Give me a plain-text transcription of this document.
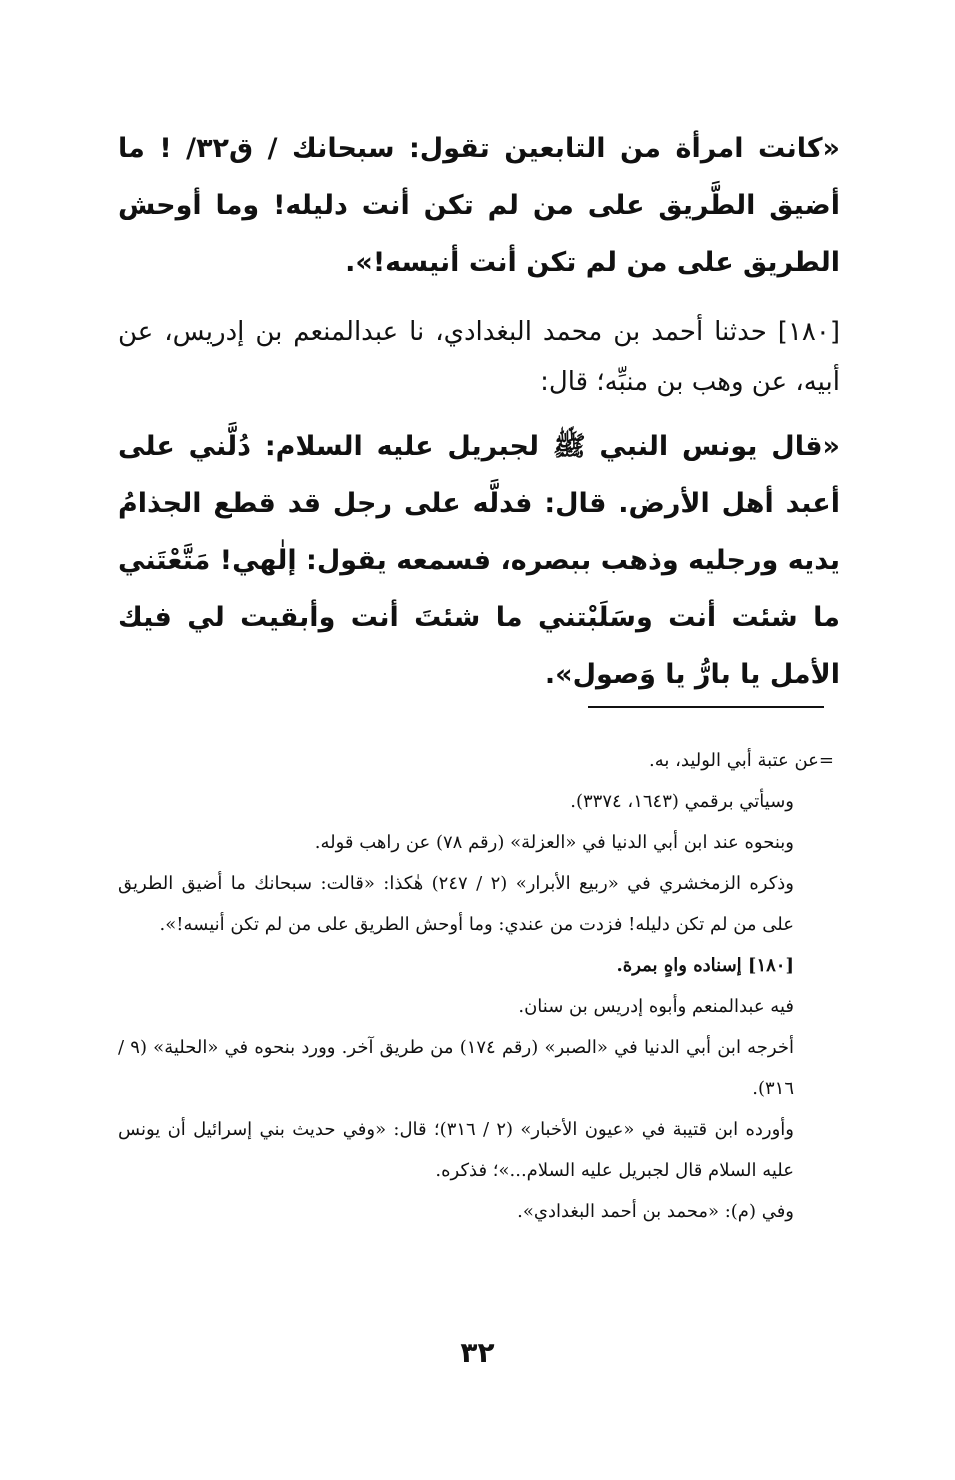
«كانت امرأة من التابعين تقول: سبحانك / ق٣٢/ ! ما أضيق الطَّريق على من لم تكن أنت دليله! وما أوحش الطريق على من لم تكن أنت أنيسه!».

[١٨٠] حدثنا أحمد بن محمد البغدادي، نا عبدالمنعم بن إدريس، عن أبيه، عن وهب بن منبِّه؛ قال:

«قال يونس النبي ﷺ لجبريل عليه السلام: دُلَّني على أعبد أهل الأرض. قال: فدلَّه على رجل قد قطع الجذامُ يديه ورجليه وذهب ببصره، فسمعه يقول: إلٰهي! مَتَّعْتَني ما شئت أنت وسَلَبْتني ما شئتَ أنت وأبقيت لي فيك الأمل يا بارُّ يا وَصول».

=عن عتبة أبي الوليد، به.

وسيأتي برقمي (١٦٤٣، ٣٣٧٤).

وبنحوه عند ابن أبي الدنيا في «العزلة» (رقم ٧٨) عن راهب قوله.

وذكره الزمخشري في «ربيع الأبرار» (٢ / ٢٤٧) هٰكذا: «قالت: سبحانك ما أضيق الطريق على من لم تكن دليله! فزدت من عندي: وما أوحش الطريق على من لم تكن أنيسه!».

[١٨٠] إسناده واهٍ بمرة.

فيه عبدالمنعم وأبوه إدريس بن سنان.

أخرجه ابن أبي الدنيا في «الصبر» (رقم ١٧٤) من طريق آخر. وورد بنحوه في «الحلية» (٩ / ٣١٦).

وأورده ابن قتيبة في «عيون الأخبار» (٢ / ٣١٦)؛ قال: «وفي حديث بني إسرائيل أن يونس عليه السلام قال لجبريل عليه السلام...»؛ فذكره.

وفي (م): «محمد بن أحمد البغدادي».

٣٢
